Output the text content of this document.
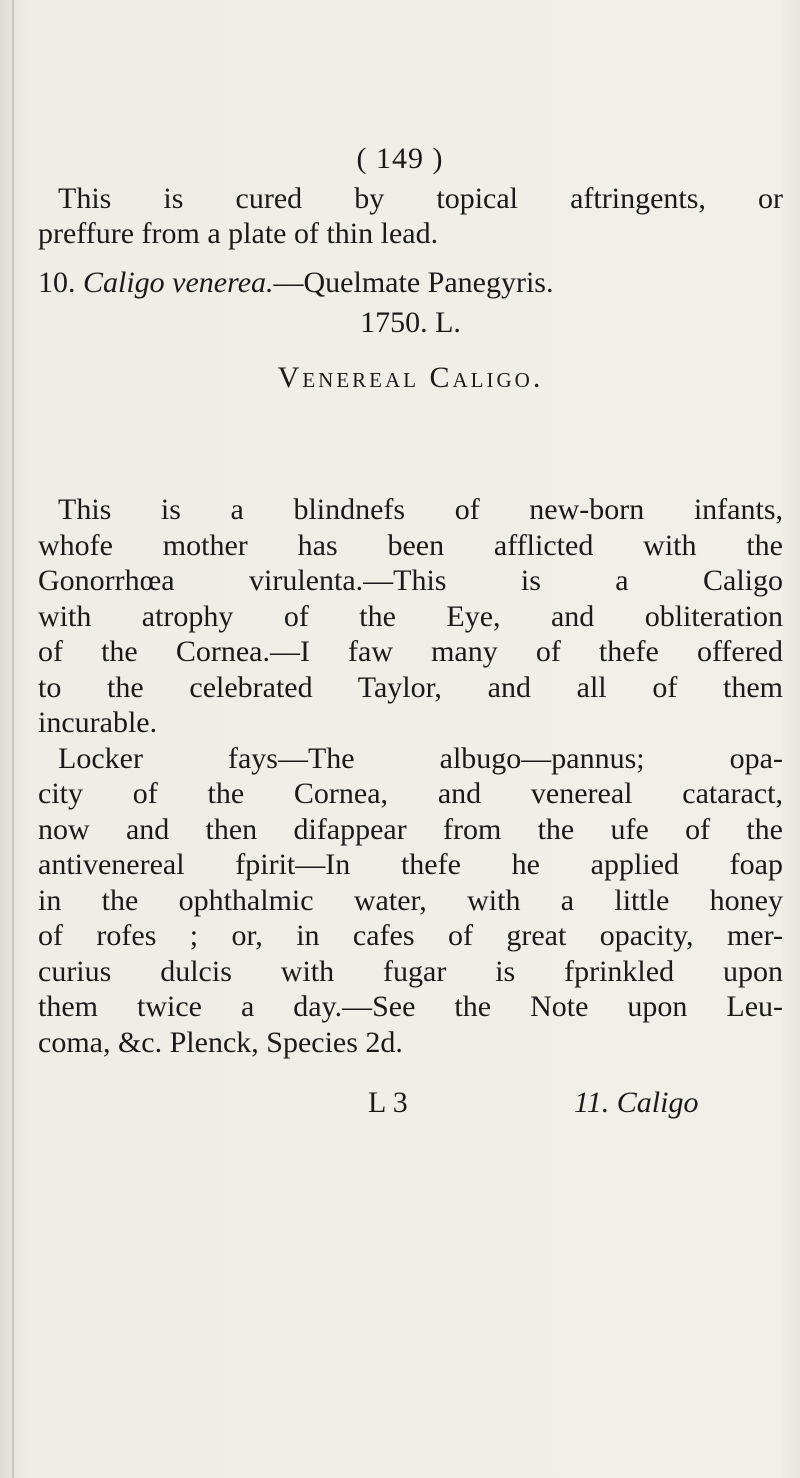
( 149 )
This is cured by topical aftringents, or
preffure from a plate of thin lead.
10. Caligo venerea.—Quelmate Panegyris.
1750. L.
Venereal Caligo.
This is a blindnefs of new-born infants,
whofe mother has been afflicted with the
Gonorrhœa virulenta.—This is a Caligo
with atrophy of the Eye, and obliteration
of the Cornea.—I faw many of thefe offered
to the celebrated Taylor, and all of them
incurable.
Locker fays—The albugo—pannus; opa-
city of the Cornea, and venereal cataract,
now and then difappear from the ufe of the
antivenereal fpirit—In thefe he applied foap
in the ophthalmic water, with a little honey
of rofes ; or, in cafes of great opacity, mer-
curius dulcis with fugar is fprinkled upon
them twice a day.—See the Note upon Leu-
coma, &c. Plenck, Species 2d.
L 3	11. Caligo
